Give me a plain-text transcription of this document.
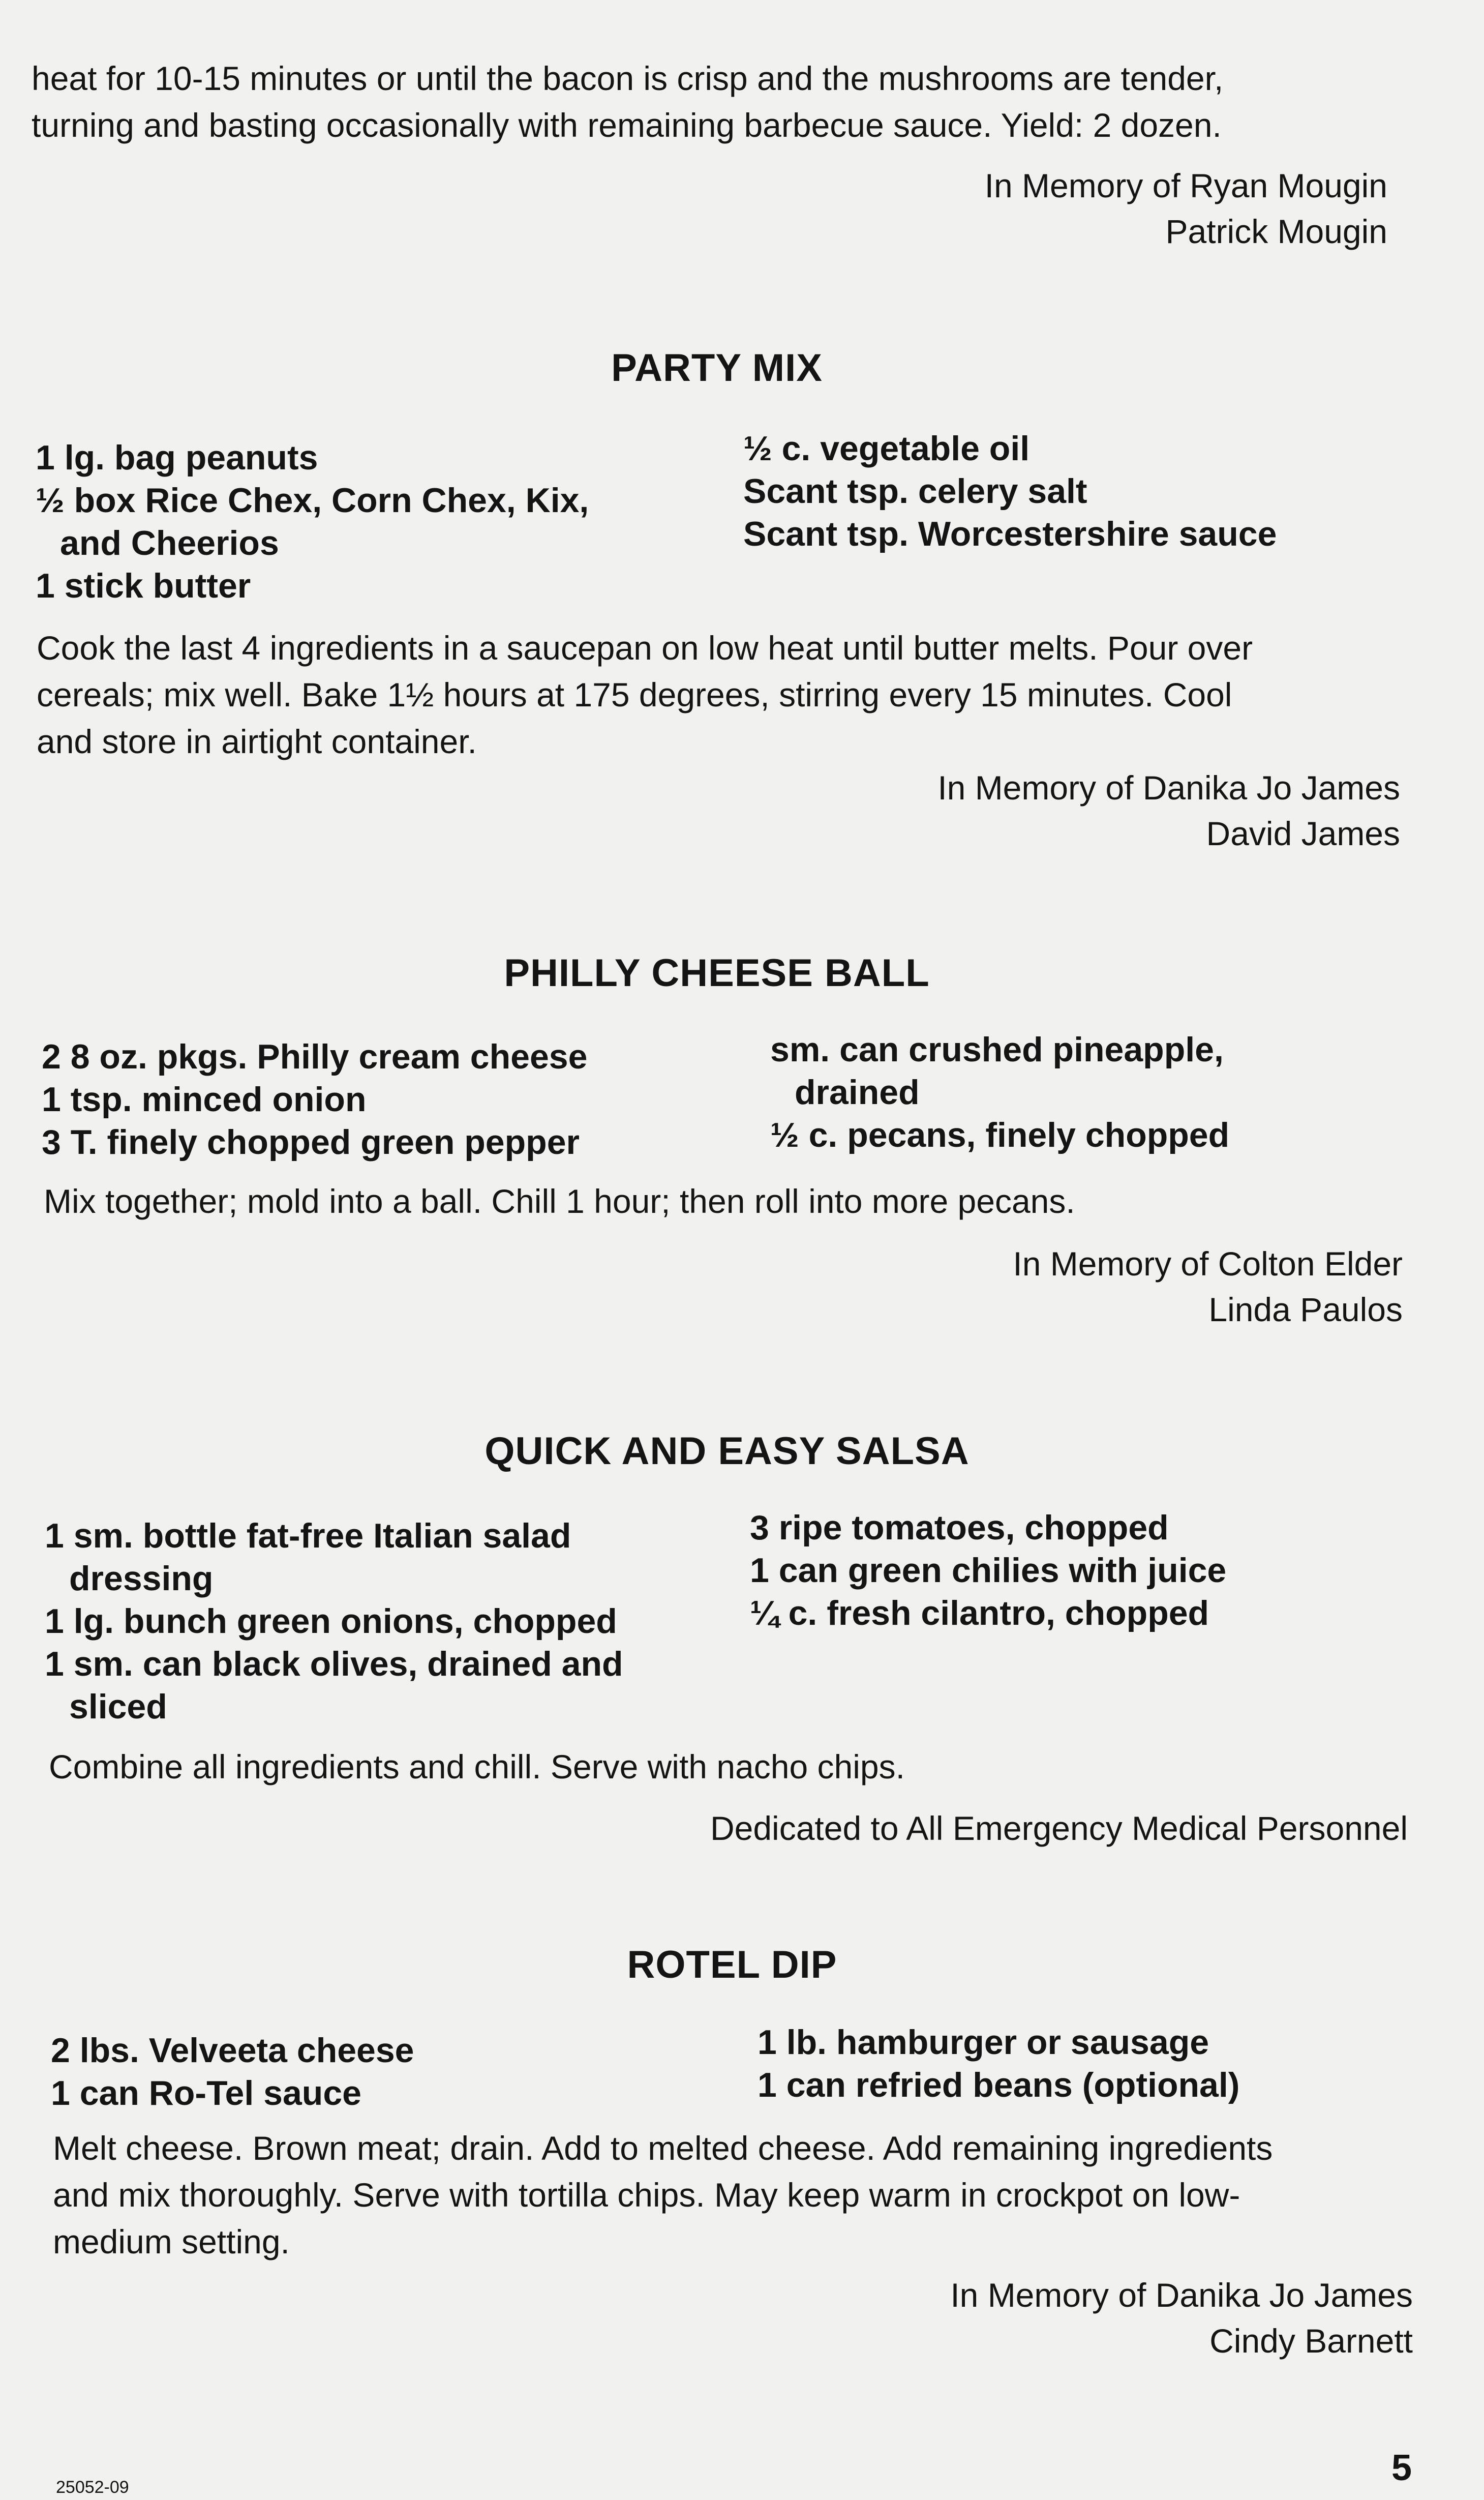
heat for 10-15 minutes or until the bacon is crisp and the mushrooms are tender,
turning and basting occasionally with remaining barbecue sauce. Yield: 2 dozen.
In Memory of Ryan Mougin
Patrick Mougin
PARTY MIX
1 lg. bag peanuts
½ box Rice Chex, Corn Chex, Kix,
and Cheerios
1 stick butter
½ c. vegetable oil
Scant tsp. celery salt
Scant tsp. Worcestershire sauce
Cook the last 4 ingredients in a saucepan on low heat until butter melts. Pour over
cereals; mix well. Bake 1½ hours at 175 degrees, stirring every 15 minutes. Cool
and store in airtight container.
In Memory of Danika Jo James
David James
PHILLY CHEESE BALL
2 8 oz. pkgs. Philly cream cheese
1 tsp. minced onion
3 T. finely chopped green pepper
sm. can crushed pineapple,
drained
½ c. pecans, finely chopped
Mix together; mold into a ball. Chill 1 hour; then roll into more pecans.
In Memory of Colton Elder
Linda Paulos
QUICK AND EASY SALSA
1 sm. bottle fat-free Italian salad
dressing
1 lg. bunch green onions, chopped
1 sm. can black olives, drained and
sliced
3 ripe tomatoes, chopped
1 can green chilies with juice
¼ c. fresh cilantro, chopped
Combine all ingredients and chill. Serve with nacho chips.
Dedicated to All Emergency Medical Personnel
ROTEL DIP
2 lbs. Velveeta cheese
1 can Ro-Tel sauce
1 lb. hamburger or sausage
1 can refried beans (optional)
Melt cheese. Brown meat; drain. Add to melted cheese. Add remaining ingredients
and mix thoroughly. Serve with tortilla chips. May keep warm in crockpot on low-
medium setting.
In Memory of Danika Jo James
Cindy Barnett
25052-09	5
